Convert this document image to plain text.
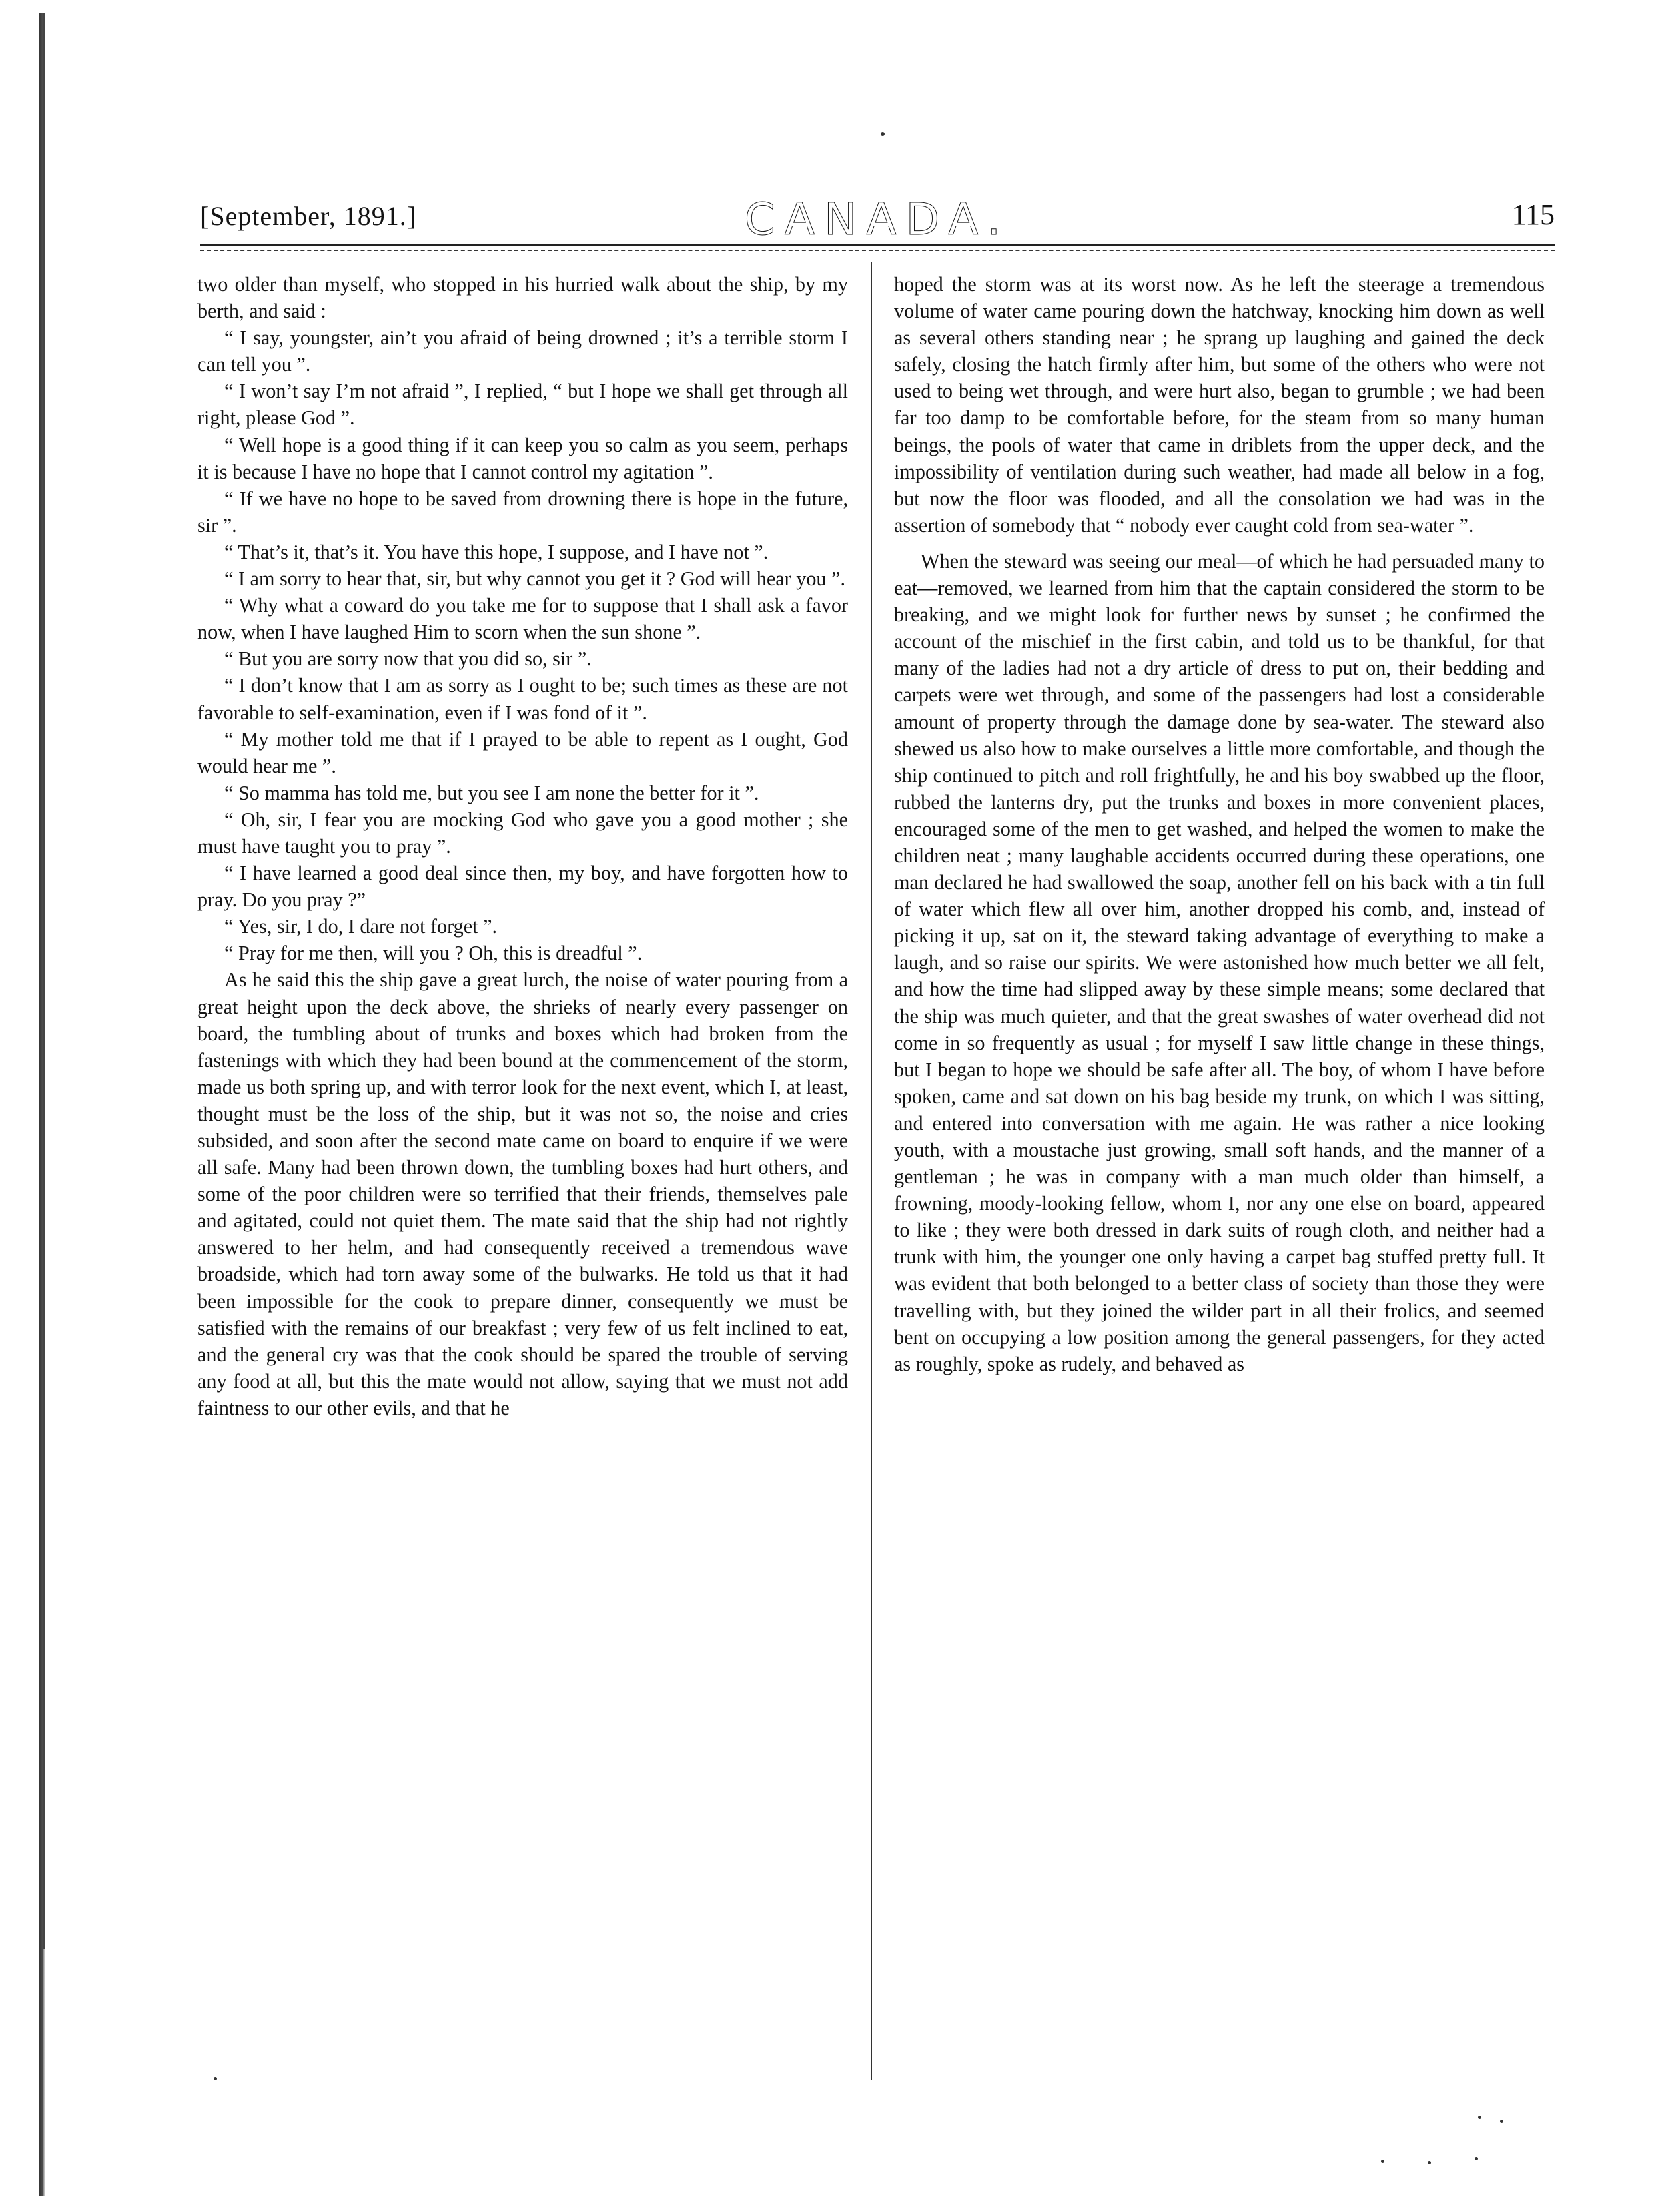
[September, 1891.]	CANADA.	115

two older than myself, who stopped in his hurried walk about the ship, by my berth, and said :

“ I say, youngster, ain’t you afraid of being drowned ; it’s a terrible storm I can tell you ”.

“ I won’t say I’m not afraid ”, I replied, “ but I hope we shall get through all right, please God ”.

“ Well hope is a good thing if it can keep you so calm as you seem, perhaps it is because I have no hope that I cannot control my agitation ”.

“ If we have no hope to be saved from drowning there is hope in the future, sir ”.

“ That’s it, that’s it. You have this hope, I suppose, and I have not ”.

“ I am sorry to hear that, sir, but why cannot you get it ? God will hear you ”.

“ Why what a coward do you take me for to suppose that I shall ask a favor now, when I have laughed Him to scorn when the sun shone ”.

“ But you are sorry now that you did so, sir ”.

“ I don’t know that I am as sorry as I ought to be; such times as these are not favorable to self-examination, even if I was fond of it ”.

“ My mother told me that if I prayed to be able to repent as I ought, God would hear me ”.

“ So mamma has told me, but you see I am none the better for it ”.

“ Oh, sir, I fear you are mocking God who gave you a good mother ; she must have taught you to pray ”.

“ I have learned a good deal since then, my boy, and have forgotten how to pray. Do you pray ?”

“ Yes, sir, I do, I dare not forget ”.

“ Pray for me then, will you ? Oh, this is dreadful ”.

As he said this the ship gave a great lurch, the noise of water pouring from a great height upon the deck above, the shrieks of nearly every passenger on board, the tumbling about of trunks and boxes which had broken from the fastenings with which they had been bound at the commencement of the storm, made us both spring up, and with terror look for the next event, which I, at least, thought must be the loss of the ship, but it was not so, the noise and cries subsided, and soon after the second mate came on board to enquire if we were all safe. Many had been thrown down, the tumbling boxes had hurt others, and some of the poor children were so terrified that their friends, themselves pale and agitated, could not quiet them. The mate said that the ship had not rightly answered to her helm, and had consequently received a tremendous wave broadside, which had torn away some of the bulwarks. He told us that it had been impossible for the cook to prepare dinner, consequently we must be satisfied with the remains of our breakfast ; very few of us felt inclined to eat, and the general cry was that the cook should be spared the trouble of serving any food at all, but this the mate would not allow, saying that we must not add faintness to our other evils, and that he

hoped the storm was at its worst now. As he left the steerage a tremendous volume of water came pouring down the hatchway, knocking him down as well as several others standing near ; he sprang up laughing and gained the deck safely, closing the hatch firmly after him, but some of the others who were not used to being wet through, and were hurt also, began to grumble ; we had been far too damp to be comfortable before, for the steam from so many human beings, the pools of water that came in driblets from the upper deck, and the impossibility of ventilation during such weather, had made all below in a fog, but now the floor was flooded, and all the consolation we had was in the assertion of somebody that “ nobody ever caught cold from sea-water ”.

When the steward was seeing our meal—of which he had persuaded many to eat—removed, we learned from him that the captain considered the storm to be breaking, and we might look for further news by sunset ; he confirmed the account of the mischief in the first cabin, and told us to be thankful, for that many of the ladies had not a dry article of dress to put on, their bedding and carpets were wet through, and some of the passengers had lost a considerable amount of property through the damage done by sea-water. The steward also shewed us also how to make ourselves a little more comfortable, and though the ship continued to pitch and roll frightfully, he and his boy swabbed up the floor, rubbed the lanterns dry, put the trunks and boxes in more convenient places, encouraged some of the men to get washed, and helped the women to make the children neat ; many laughable accidents occurred during these operations, one man declared he had swallowed the soap, another fell on his back with a tin full of water which flew all over him, another dropped his comb, and, instead of picking it up, sat on it, the steward taking advantage of everything to make a laugh, and so raise our spirits. We were astonished how much better we all felt, and how the time had slipped away by these simple means; some declared that the ship was much quieter, and that the great swashes of water overhead did not come in so frequently as usual ; for myself I saw little change in these things, but I began to hope we should be safe after all. The boy, of whom I have before spoken, came and sat down on his bag beside my trunk, on which I was sitting, and entered into conversation with me again. He was rather a nice looking youth, with a moustache just growing, small soft hands, and the manner of a gentleman ; he was in company with a man much older than himself, a frowning, moody-looking fellow, whom I, nor any one else on board, appeared to like ; they were both dressed in dark suits of rough cloth, and neither had a trunk with him, the younger one only having a carpet bag stuffed pretty full. It was evident that both belonged to a better class of society than those they were travelling with, but they joined the wilder part in all their frolics, and seemed bent on occupying a low position among the general passengers, for they acted as roughly, spoke as rudely, and behaved as
